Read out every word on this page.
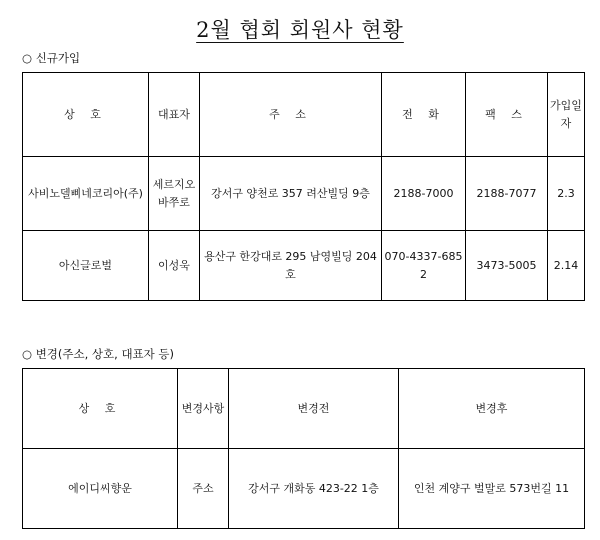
2월 협회 회원사 현황
○ 신규가입
상 호	대표자	주 소	전 화	팩 스	가입일자
사비노델삐네코리아(주)	세르지오 바쭈로	강서구 양천로 357 려산빌딩 9층	2188-7000	2188-7077	2.3
아신글로벌	이성욱	용산구 한강대로 295 남영빌딩 204호	070-4337-6852	3473-5005	2.14
○ 변경(주소, 상호, 대표자 등)
상 호	변경사항	변경전	변경후
에이디씨향운	주소	강서구 개화동 423-22 1층	인천 계양구 벌말로 573번길 11
